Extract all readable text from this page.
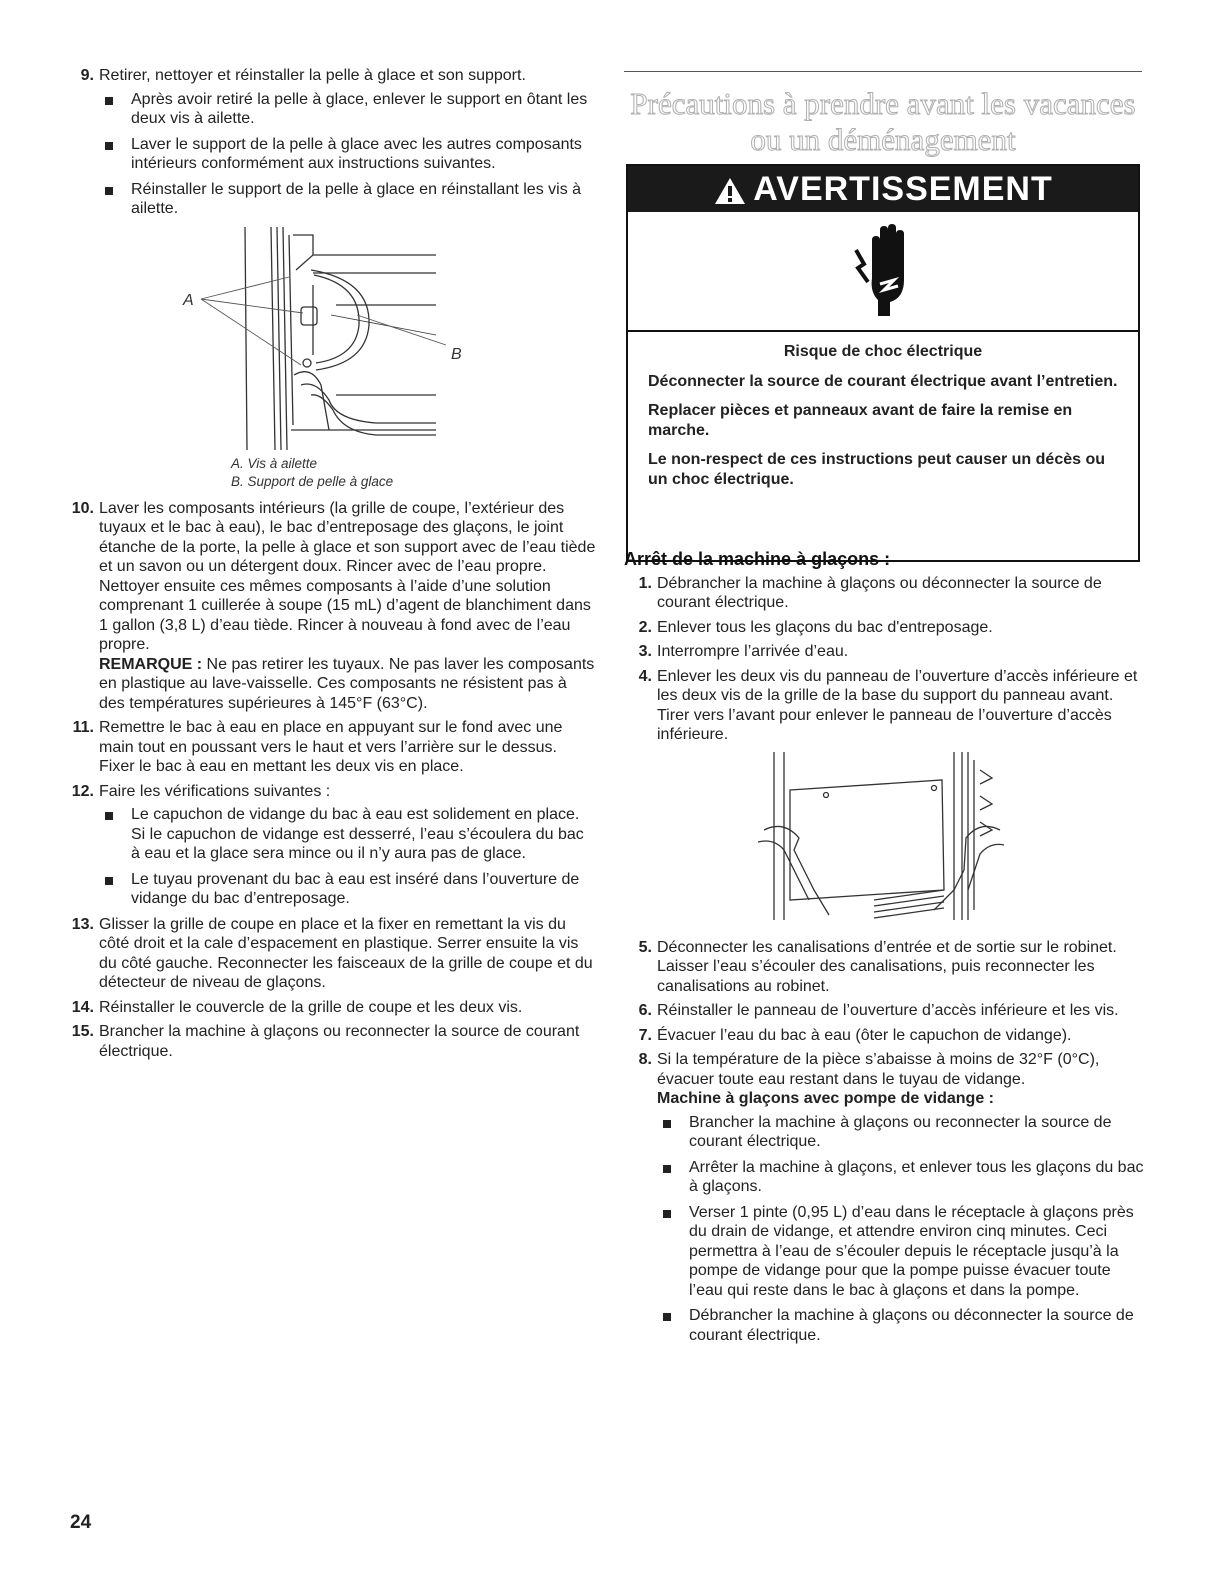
9. Retirer, nettoyer et réinstaller la pelle à glace et son support.

Après avoir retiré la pelle à glace, enlever le support en ôtant les deux vis à ailette.
Laver le support de la pelle à glace avec les autres composants intérieurs conformément aux instructions suivantes.
Réinstaller le support de la pelle à glace en réinstallant les vis à ailette.
A
B
A. Vis à ailette
B. Support de pelle à glace
10. Laver les composants intérieurs (la grille de coupe, l’extérieur des tuyaux et le bac à eau), le bac d’entreposage des glaçons, le joint étanche de la porte, la pelle à glace et son support avec de l’eau tiède et un savon ou un détergent doux. Rincer avec de l’eau propre. Nettoyer ensuite ces mêmes composants à l’aide d’une solution comprenant 1 cuillerée à soupe (15 mL) d’agent de blanchiment dans 1 gallon (3,8 L) d’eau tiède. Rincer à nouveau à fond avec de l’eau propre.

REMARQUE : Ne pas retirer les tuyaux. Ne pas laver les composants en plastique au lave-vaisselle. Ces composants ne résistent pas à des températures supérieures à 145°F (63°C).

11. Remettre le bac à eau en place en appuyant sur le fond avec une main tout en poussant vers le haut et vers l’arrière sur le dessus. Fixer le bac à eau en mettant les deux vis en place.

12. Faire les vérifications suivantes :

Le capuchon de vidange du bac à eau est solidement en place. Si le capuchon de vidange est desserré, l’eau s’écoulera du bac à eau et la glace sera mince ou il n’y aura pas de glace.
Le tuyau provenant du bac à eau est inséré dans l’ouverture de vidange du bac d’entreposage.
13. Glisser la grille de coupe en place et la fixer en remettant la vis du côté droit et la cale d’espacement en plastique. Serrer ensuite la vis du côté gauche. Reconnecter les faisceaux de la grille de coupe et du détecteur de niveau de glaçons.

14. Réinstaller le couvercle de la grille de coupe et les deux vis.

15. Brancher la machine à glaçons ou reconnecter la source de courant électrique.

Précautions à prendre avant les vacances
ou un déménagement
AVERTISSEMENT

Risque de choc électrique

Déconnecter la source de courant électrique avant l’entretien.

Replacer pièces et panneaux avant de faire la remise en marche.

Le non-respect de ces instructions peut causer un décès ou un choc électrique.

Arrêt de la machine à glaçons :
1. Débrancher la machine à glaçons ou déconnecter la source de courant électrique.

2. Enlever tous les glaçons du bac d'entreposage.

3. Interrompre l’arrivée d’eau.

4. Enlever les deux vis du panneau de l’ouverture d’accès inférieure et les deux vis de la grille de la base du support du panneau avant. Tirer vers l’avant pour enlever le panneau de l’ouverture d’accès inférieure.

5. Déconnecter les canalisations d’entrée et de sortie sur le robinet. Laisser l’eau s’écouler des canalisations, puis reconnecter les canalisations au robinet.

6. Réinstaller le panneau de l’ouverture d’accès inférieure et les vis.

7. Évacuer l’eau du bac à eau (ôter le capuchon de vidange).

8. Si la température de la pièce s’abaisse à moins de 32°F (0°C), évacuer toute eau restant dans le tuyau de vidange.

Machine à glaçons avec pompe de vidange :

Brancher la machine à glaçons ou reconnecter la source de courant électrique.
Arrêter la machine à glaçons, et enlever tous les glaçons du bac à glaçons.
Verser 1 pinte (0,95 L) d’eau dans le réceptacle à glaçons près du drain de vidange, et attendre environ cinq minutes. Ceci permettra à l’eau de s’écouler depuis le réceptacle jusqu’à la pompe de vidange pour que la pompe puisse évacuer toute l’eau qui reste dans le bac à glaçons et dans la pompe.
Débrancher la machine à glaçons ou déconnecter la source de courant électrique.
24
